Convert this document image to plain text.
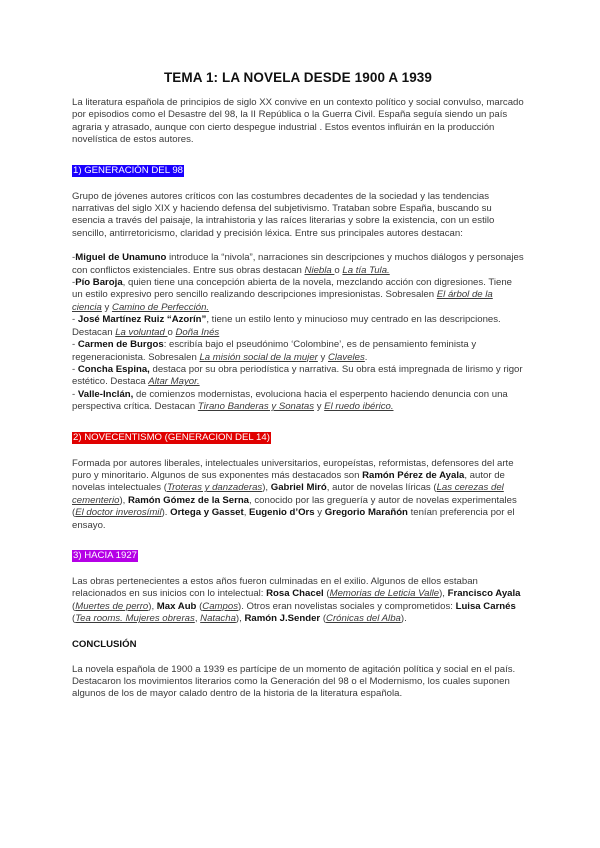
TEMA 1: LA NOVELA DESDE 1900 A 1939

La literatura española de principios de siglo XX convive en un contexto político y social convulso, marcado por episodios como el Desastre del 98, la II República o la Guerra Civil. España seguía siendo un país agraria y atrasado, aunque con cierto despegue industrial . Estos eventos influirán en la producción novelística de estos autores.

1) GENERACIÓN DEL 98

Grupo de jóvenes autores críticos con las costumbres decadentes de la sociedad y las tendencias narrativas del siglo XIX y haciendo defensa del subjetivismo. Trataban sobre España, buscando su esencia a través del paisaje, la intrahistoria y las raíces literarias y sobre la existencia, con un estilo sencillo, antirretoricismo, claridad y precisión léxica. Entre sus principales autores destacan:

-Miguel de Unamuno introduce la “nivola”, narraciones sin descripciones y muchos diálogos y personajes con conflictos existenciales. Entre sus obras destacan Niebla o La tía Tula.

-Pío Baroja, quien tiene una concepción abierta de la novela, mezclando acción con digresiones. Tiene un estilo expresivo pero sencillo realizando descripciones impresionistas. Sobresalen El árbol de la ciencia y Camino de Perfección.

- José Martínez Ruiz “Azorín”, tiene un estilo lento y minucioso muy centrado en las descripciones. Destacan La voluntad o Doña Inés

- Carmen de Burgos: escribía bajo el pseudónimo ‘Colombine’, es de pensamiento feminista y regeneracionista. Sobresalen La misión social de la mujer y Claveles.

- Concha Espina, destaca por su obra periodística y narrativa. Su obra está impregnada de lirismo y rigor estético. Destaca Altar Mayor.

- Valle-Inclán, de comienzos modernistas, evoluciona hacia el esperpento haciendo denuncia con una perspectiva crítica. Destacan Tirano Banderas y Sonatas y El ruedo ibérico.

2) NOVECENTISMO (GENERACION DEL 14)

Formada por autores liberales, intelectuales universitarios, europeístas, reformistas, defensores del arte puro y minoritario. Algunos de sus exponentes más destacados son Ramón Pérez de Ayala, autor de novelas intelectuales (Troteras y danzaderas), Gabriel Miró, autor de novelas líricas (Las cerezas del cementerio), Ramón Gómez de la Serna, conocido por las greguería y autor de novelas experimentales (El doctor inverosímil). Ortega y Gasset, Eugenio d’Ors y Gregorio Marañón tenían preferencia por el ensayo.

3) HACIA 1927

Las obras pertenecientes a estos años fueron culminadas en el exilio. Algunos de ellos estaban relacionados en sus inicios con lo intelectual: Rosa Chacel (Memorias de Leticia Valle), Francisco Ayala (Muertes de perro), Max Aub (Campos). Otros eran novelistas sociales y comprometidos: Luisa Carnés (Tea rooms. Mujeres obreras, Natacha), Ramón J.Sender (Crónicas del Alba).

CONCLUSIÓN

La novela española de 1900 a 1939 es partícipe de un momento de agitación política y social en el país. Destacaron los movimientos literarios como la Generación del 98 o el Modernismo, los cuales suponen algunos de los de mayor calado dentro de la historia de la literatura española.
